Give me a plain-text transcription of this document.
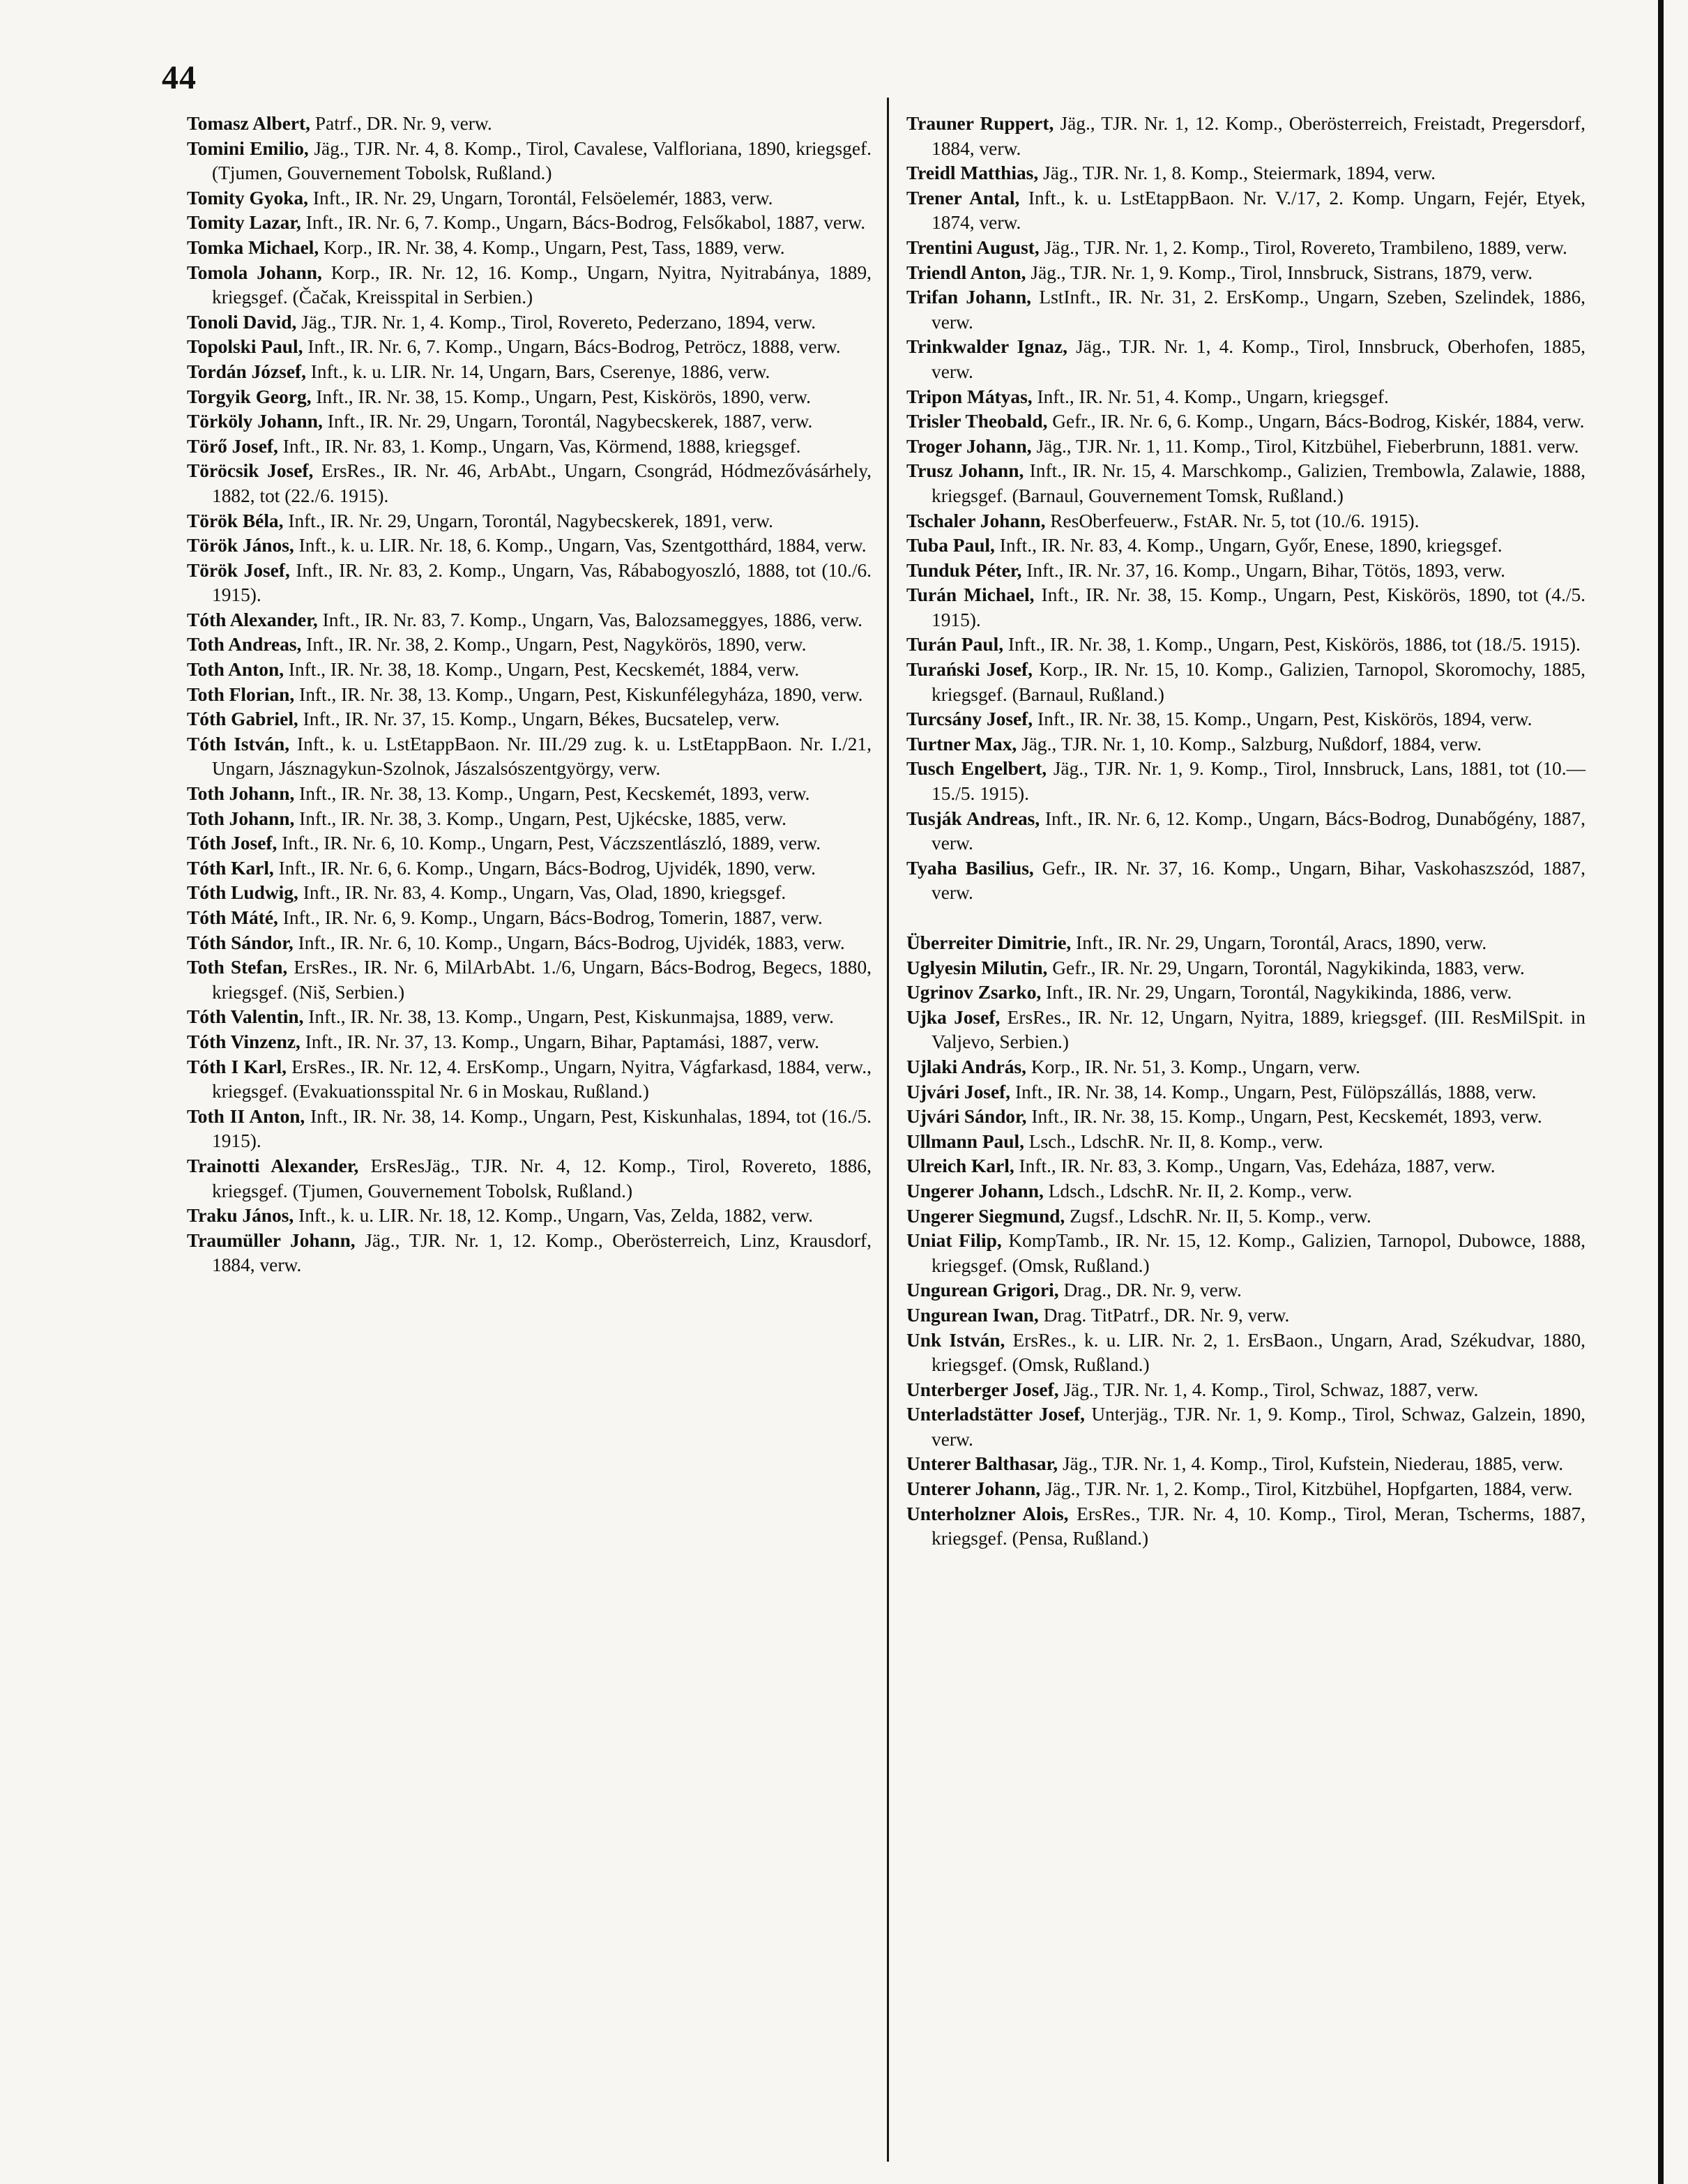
44

Tomasz Albert, Patrf., DR. Nr. 9, verw.

Tomini Emilio, Jäg., TJR. Nr. 4, 8. Komp., Tirol, Cavalese, Valfloriana, 1890, kriegsgef. (Tjumen, Gouvernement Tobolsk, Rußland.)

Tomity Gyoka, Inft., IR. Nr. 29, Ungarn, Torontál, Felsöelemér, 1883, verw.

Tomity Lazar, Inft., IR. Nr. 6, 7. Komp., Ungarn, Bács-Bodrog, Felsőkabol, 1887, verw.

Tomka Michael, Korp., IR. Nr. 38, 4. Komp., Ungarn, Pest, Tass, 1889, verw.

Tomola Johann, Korp., IR. Nr. 12, 16. Komp., Ungarn, Nyitra, Nyitrabánya, 1889, kriegsgef. (Čačak, Kreisspital in Serbien.)

Tonoli David, Jäg., TJR. Nr. 1, 4. Komp., Tirol, Rovereto, Pederzano, 1894, verw.

Topolski Paul, Inft., IR. Nr. 6, 7. Komp., Ungarn, Bács-Bodrog, Petröcz, 1888, verw.

Tordán József, Inft., k. u. LIR. Nr. 14, Ungarn, Bars, Cserenye, 1886, verw.

Torgyik Georg, Inft., IR. Nr. 38, 15. Komp., Ungarn, Pest, Kiskörös, 1890, verw.

Törköly Johann, Inft., IR. Nr. 29, Ungarn, Torontál, Nagybecskerek, 1887, verw.

Törő Josef, Inft., IR. Nr. 83, 1. Komp., Ungarn, Vas, Körmend, 1888, kriegsgef.

Töröcsik Josef, ErsRes., IR. Nr. 46, ArbAbt., Ungarn, Csongrád, Hódmezővásárhely, 1882, tot (22./6. 1915).

Török Béla, Inft., IR. Nr. 29, Ungarn, Torontál, Nagybecskerek, 1891, verw.

Török János, Inft., k. u. LIR. Nr. 18, 6. Komp., Ungarn, Vas, Szentgotthárd, 1884, verw.

Török Josef, Inft., IR. Nr. 83, 2. Komp., Ungarn, Vas, Rábabogyoszló, 1888, tot (10./6. 1915).

Tóth Alexander, Inft., IR. Nr. 83, 7. Komp., Ungarn, Vas, Balozsameggyes, 1886, verw.

Toth Andreas, Inft., IR. Nr. 38, 2. Komp., Ungarn, Pest, Nagykörös, 1890, verw.

Toth Anton, Inft., IR. Nr. 38, 18. Komp., Ungarn, Pest, Kecskemét, 1884, verw.

Toth Florian, Inft., IR. Nr. 38, 13. Komp., Ungarn, Pest, Kiskunfélegyháza, 1890, verw.

Tóth Gabriel, Inft., IR. Nr. 37, 15. Komp., Ungarn, Békes, Bucsatelep, verw.

Tóth István, Inft., k. u. LstEtappBaon. Nr. III./29 zug. k. u. LstEtappBaon. Nr. I./21, Ungarn, Jásznagykun-Szolnok, Jászalsószentgyörgy, verw.

Toth Johann, Inft., IR. Nr. 38, 13. Komp., Ungarn, Pest, Kecskemét, 1893, verw.

Toth Johann, Inft., IR. Nr. 38, 3. Komp., Ungarn, Pest, Ujkécske, 1885, verw.

Tóth Josef, Inft., IR. Nr. 6, 10. Komp., Ungarn, Pest, Váczszentlászló, 1889, verw.

Tóth Karl, Inft., IR. Nr. 6, 6. Komp., Ungarn, Bács-Bodrog, Ujvidék, 1890, verw.

Tóth Ludwig, Inft., IR. Nr. 83, 4. Komp., Ungarn, Vas, Olad, 1890, kriegsgef.

Tóth Máté, Inft., IR. Nr. 6, 9. Komp., Ungarn, Bács-Bodrog, Tomerin, 1887, verw.

Tóth Sándor, Inft., IR. Nr. 6, 10. Komp., Ungarn, Bács-Bodrog, Ujvidék, 1883, verw.

Toth Stefan, ErsRes., IR. Nr. 6, MilArbAbt. 1./6, Ungarn, Bács-Bodrog, Begecs, 1880, kriegsgef. (Niš, Serbien.)

Tóth Valentin, Inft., IR. Nr. 38, 13. Komp., Ungarn, Pest, Kiskunmajsa, 1889, verw.

Tóth Vinzenz, Inft., IR. Nr. 37, 13. Komp., Ungarn, Bihar, Paptamási, 1887, verw.

Tóth I Karl, ErsRes., IR. Nr. 12, 4. ErsKomp., Ungarn, Nyitra, Vágfarkasd, 1884, verw., kriegsgef. (Evakuationsspital Nr. 6 in Moskau, Rußland.)

Toth II Anton, Inft., IR. Nr. 38, 14. Komp., Ungarn, Pest, Kiskunhalas, 1894, tot (16./5. 1915).

Trainotti Alexander, ErsResJäg., TJR. Nr. 4, 12. Komp., Tirol, Rovereto, 1886, kriegsgef. (Tjumen, Gouvernement Tobolsk, Rußland.)

Traku János, Inft., k. u. LIR. Nr. 18, 12. Komp., Ungarn, Vas, Zelda, 1882, verw.

Traumüller Johann, Jäg., TJR. Nr. 1, 12. Komp., Oberösterreich, Linz, Krausdorf, 1884, verw.

Trauner Ruppert, Jäg., TJR. Nr. 1, 12. Komp., Oberösterreich, Freistadt, Pregersdorf, 1884, verw.

Treidl Matthias, Jäg., TJR. Nr. 1, 8. Komp., Steiermark, 1894, verw.

Trener Antal, Inft., k. u. LstEtappBaon. Nr. V./17, 2. Komp. Ungarn, Fejér, Etyek, 1874, verw.

Trentini August, Jäg., TJR. Nr. 1, 2. Komp., Tirol, Rovereto, Trambileno, 1889, verw.

Triendl Anton, Jäg., TJR. Nr. 1, 9. Komp., Tirol, Innsbruck, Sistrans, 1879, verw.

Trifan Johann, LstInft., IR. Nr. 31, 2. ErsKomp., Ungarn, Szeben, Szelindek, 1886, verw.

Trinkwalder Ignaz, Jäg., TJR. Nr. 1, 4. Komp., Tirol, Innsbruck, Oberhofen, 1885, verw.

Tripon Mátyas, Inft., IR. Nr. 51, 4. Komp., Ungarn, kriegsgef.

Trisler Theobald, Gefr., IR. Nr. 6, 6. Komp., Ungarn, Bács-Bodrog, Kiskér, 1884, verw.

Troger Johann, Jäg., TJR. Nr. 1, 11. Komp., Tirol, Kitzbühel, Fieberbrunn, 1881. verw.

Trusz Johann, Inft., IR. Nr. 15, 4. Marschkomp., Galizien, Trembowla, Zalawie, 1888, kriegsgef. (Barnaul, Gouvernement Tomsk, Rußland.)

Tschaler Johann, ResOberfeuerw., FstAR. Nr. 5, tot (10./6. 1915).

Tuba Paul, Inft., IR. Nr. 83, 4. Komp., Ungarn, Győr, Enese, 1890, kriegsgef.

Tunduk Péter, Inft., IR. Nr. 37, 16. Komp., Ungarn, Bihar, Tötös, 1893, verw.

Turán Michael, Inft., IR. Nr. 38, 15. Komp., Ungarn, Pest, Kiskörös, 1890, tot (4./5. 1915).

Turán Paul, Inft., IR. Nr. 38, 1. Komp., Ungarn, Pest, Kiskörös, 1886, tot (18./5. 1915).

Turański Josef, Korp., IR. Nr. 15, 10. Komp., Galizien, Tarnopol, Skoromochy, 1885, kriegsgef. (Barnaul, Rußland.)

Turcsány Josef, Inft., IR. Nr. 38, 15. Komp., Ungarn, Pest, Kiskörös, 1894, verw.

Turtner Max, Jäg., TJR. Nr. 1, 10. Komp., Salzburg, Nußdorf, 1884, verw.

Tusch Engelbert, Jäg., TJR. Nr. 1, 9. Komp., Tirol, Innsbruck, Lans, 1881, tot (10.—15./5. 1915).

Tusják Andreas, Inft., IR. Nr. 6, 12. Komp., Ungarn, Bács-Bodrog, Dunabőgény, 1887, verw.

Tyaha Basilius, Gefr., IR. Nr. 37, 16. Komp., Ungarn, Bihar, Vaskohaszszód, 1887, verw.

Überreiter Dimitrie, Inft., IR. Nr. 29, Ungarn, Torontál, Aracs, 1890, verw.

Uglyesin Milutin, Gefr., IR. Nr. 29, Ungarn, Torontál, Nagykikinda, 1883, verw.

Ugrinov Zsarko, Inft., IR. Nr. 29, Ungarn, Torontál, Nagykikinda, 1886, verw.

Ujka Josef, ErsRes., IR. Nr. 12, Ungarn, Nyitra, 1889, kriegsgef. (III. ResMilSpit. in Valjevo, Serbien.)

Ujlaki András, Korp., IR. Nr. 51, 3. Komp., Ungarn, verw.

Ujvári Josef, Inft., IR. Nr. 38, 14. Komp., Ungarn, Pest, Fülöpszállás, 1888, verw.

Ujvári Sándor, Inft., IR. Nr. 38, 15. Komp., Ungarn, Pest, Kecskemét, 1893, verw.

Ullmann Paul, Lsch., LdschR. Nr. II, 8. Komp., verw.

Ulreich Karl, Inft., IR. Nr. 83, 3. Komp., Ungarn, Vas, Edeháza, 1887, verw.

Ungerer Johann, Ldsch., LdschR. Nr. II, 2. Komp., verw.

Ungerer Siegmund, Zugsf., LdschR. Nr. II, 5. Komp., verw.

Uniat Filip, KompTamb., IR. Nr. 15, 12. Komp., Galizien, Tarnopol, Dubowce, 1888, kriegsgef. (Omsk, Rußland.)

Ungurean Grigori, Drag., DR. Nr. 9, verw.

Ungurean Iwan, Drag. TitPatrf., DR. Nr. 9, verw.

Unk István, ErsRes., k. u. LIR. Nr. 2, 1. ErsBaon., Ungarn, Arad, Székudvar, 1880, kriegsgef. (Omsk, Rußland.)

Unterberger Josef, Jäg., TJR. Nr. 1, 4. Komp., Tirol, Schwaz, 1887, verw.

Unterladstätter Josef, Unterjäg., TJR. Nr. 1, 9. Komp., Tirol, Schwaz, Galzein, 1890, verw.

Unterer Balthasar, Jäg., TJR. Nr. 1, 4. Komp., Tirol, Kufstein, Niederau, 1885, verw.

Unterer Johann, Jäg., TJR. Nr. 1, 2. Komp., Tirol, Kitzbühel, Hopfgarten, 1884, verw.

Unterholzner Alois, ErsRes., TJR. Nr. 4, 10. Komp., Tirol, Meran, Tscherms, 1887, kriegsgef. (Pensa, Rußland.)
